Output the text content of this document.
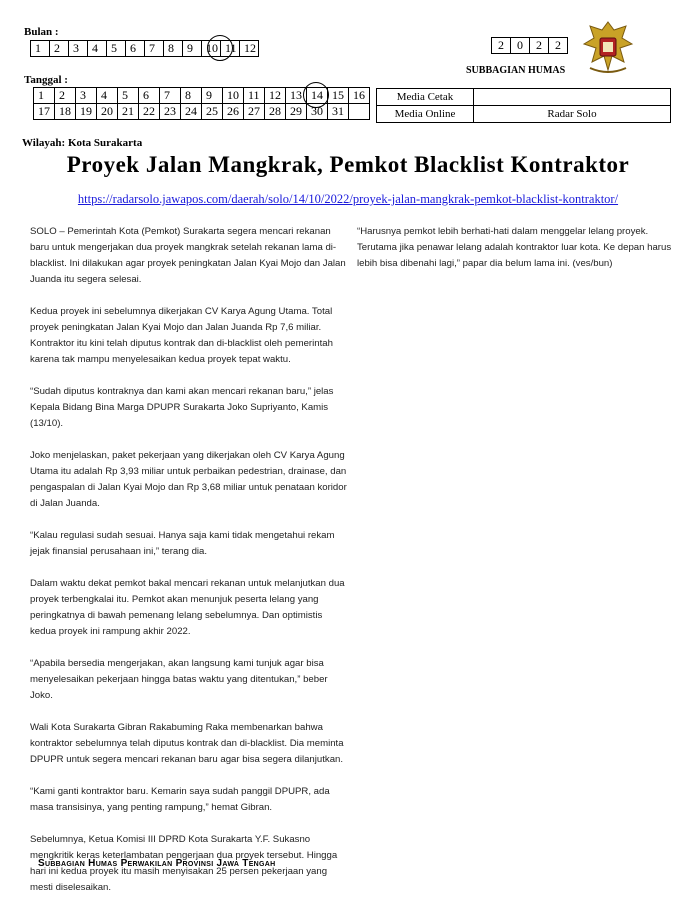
Bulan :
1	2	3	4	5	6	7	8	9	10	11	12	2	0	2	2
SUBBAGIAN HUMAS
Tanggal :
1	2	3	4	5	6	7	8	9	10	11	12	13	14	15	16
17	18	19	20	21	22	23	24	25	26	27	28	29	30	31	
Media Cetak	
Media Online	Radar Solo
Wilayah: Kota Surakarta
Proyek Jalan Mangkrak, Pemkot Blacklist Kontraktor
https://radarsolo.jawapos.com/daerah/solo/14/10/2022/proyek-jalan-mangkrak-pemkot-blacklist-kontraktor/

SOLO – Pemerintah Kota (Pemkot) Surakarta segera mencari rekanan baru untuk mengerjakan dua proyek mangkrak setelah rekanan lama di-blacklist. Ini dilakukan agar proyek peningkatan Jalan Kyai Mojo dan Jalan Juanda itu segera selesai.

Kedua proyek ini sebelumnya dikerjakan CV Karya Agung Utama. Total proyek peningkatan Jalan Kyai Mojo dan Jalan Juanda Rp 7,6 miliar. Kontraktor itu kini telah diputus kontrak dan di-blacklist oleh pemerintah karena tak mampu menyelesaikan kedua proyek tepat waktu.

“Sudah diputus kontraknya dan kami akan mencari rekanan baru,” jelas Kepala Bidang Bina Marga DPUPR Surakarta Joko Supriyanto, Kamis (13/10).

Joko menjelaskan, paket pekerjaan yang dikerjakan oleh CV Karya Agung Utama itu adalah Rp 3,93 miliar untuk perbaikan pedestrian, drainase, dan pengaspalan di Jalan Kyai Mojo dan Rp 3,68 miliar untuk penataan koridor di Jalan Juanda.

“Kalau regulasi sudah sesuai. Hanya saja kami tidak mengetahui rekam jejak finansial perusahaan ini,” terang dia.

Dalam waktu dekat pemkot bakal mencari rekanan untuk melanjutkan dua proyek terbengkalai itu. Pemkot akan menunjuk peserta lelang yang peringkatnya di bawah pemenang lelang sebelumnya. Dan optimistis kedua proyek ini rampung akhir 2022.

“Apabila bersedia mengerjakan, akan langsung kami tunjuk agar bisa menyelesaikan pekerjaan hingga batas waktu yang ditentukan,” beber Joko.

Wali Kota Surakarta Gibran Rakabuming Raka membenarkan bahwa kontraktor sebelumnya telah diputus kontrak dan di-blacklist. Dia meminta DPUPR untuk segera mencari rekanan baru agar bisa segera dilanjutkan.

“Kami ganti kontraktor baru. Kemarin saya sudah panggil DPUPR, ada masa transisinya, yang penting rampung,” hemat Gibran.

Sebelumnya, Ketua Komisi III DPRD Kota Surakarta Y.F. Sukasno mengkritik keras keterlambatan pengerjaan dua proyek tersebut. Hingga hari ini kedua proyek itu masih menyisakan 25 persen pekerjaan yang mesti diselesaikan.

“Harusnya pemkot lebih berhati-hati dalam menggelar lelang proyek. Terutama jika penawar lelang adalah kontraktor luar kota. Ke depan harus lebih bisa dibenahi lagi,” papar dia belum lama ini. (ves/bun)

Subbagian Humas Perwakilan Provinsi Jawa Tengah
